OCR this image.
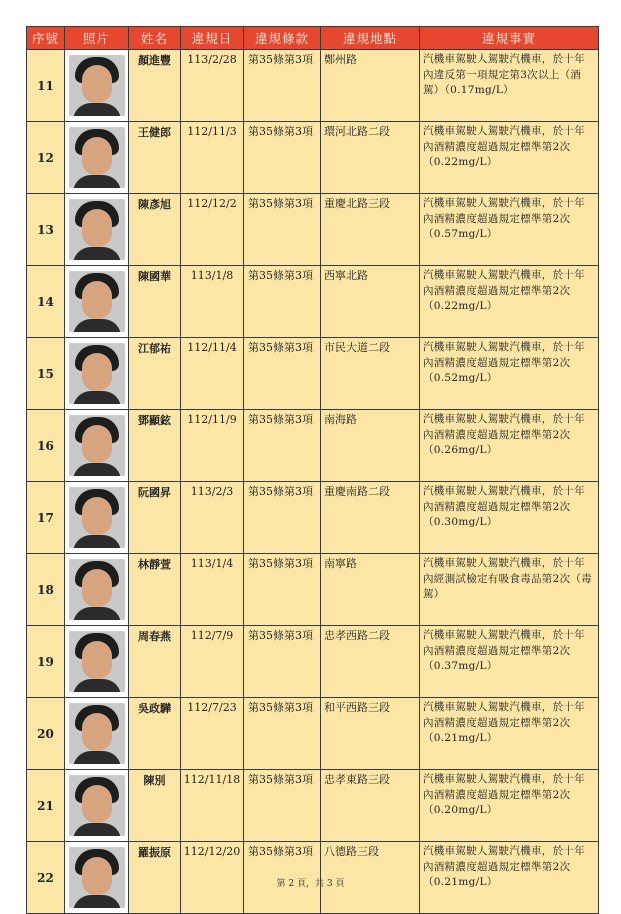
序號	照片	姓名	違規日	違規條款	違規地點	違規事實
11		顏進豐	113/2/28	第35條第3項	鄭州路	汽機車駕駛人駕駛汽機車，於十年內違反第一項規定第3次以上（酒駕）（0.17mg/L）
12		王健郎	112/11/3	第35條第3項	環河北路二段	汽機車駕駛人駕駛汽機車，於十年內酒精濃度超過規定標準第2次（0.22mg/L）
13		陳彥旭	112/12/2	第35條第3項	重慶北路三段	汽機車駕駛人駕駛汽機車，於十年內酒精濃度超過規定標準第2次（0.57mg/L）
14		陳國華	113/1/8	第35條第3項	西寧北路	汽機車駕駛人駕駛汽機車，於十年內酒精濃度超過規定標準第2次（0.22mg/L）
15		江郁祐	112/11/4	第35條第3項	市民大道二段	汽機車駕駛人駕駛汽機車，於十年內酒精濃度超過規定標準第2次（0.52mg/L）
16		鄧顯鉉	112/11/9	第35條第3項	南海路	汽機車駕駛人駕駛汽機車，於十年內酒精濃度超過規定標準第2次（0.26mg/L）
17		阮國昇	113/2/3	第35條第3項	重慶南路二段	汽機車駕駛人駕駛汽機車，於十年內酒精濃度超過規定標準第2次（0.30mg/L）
18		林靜萱	113/1/4	第35條第3項	南寧路	汽機車駕駛人駕駛汽機車，於十年內經測試檢定有吸食毒品第2次（毒駕）
19		周春燕	112/7/9	第35條第3項	忠孝西路二段	汽機車駕駛人駕駛汽機車，於十年內酒精濃度超過規定標準第2次（0.37mg/L）
20		吳政驊	112/7/23	第35條第3項	和平西路三段	汽機車駕駛人駕駛汽機車，於十年內酒精濃度超過規定標準第2次（0.21mg/L）
21		陳別	112/11/18	第35條第3項	忠孝東路三段	汽機車駕駛人駕駛汽機車，於十年內酒精濃度超過規定標準第2次（0.20mg/L）
22		羅振原	112/12/20	第35條第3項	八德路三段	汽機車駕駛人駕駛汽機車，於十年內酒精濃度超過規定標準第2次（0.21mg/L）
第 2 頁，共 3 頁
